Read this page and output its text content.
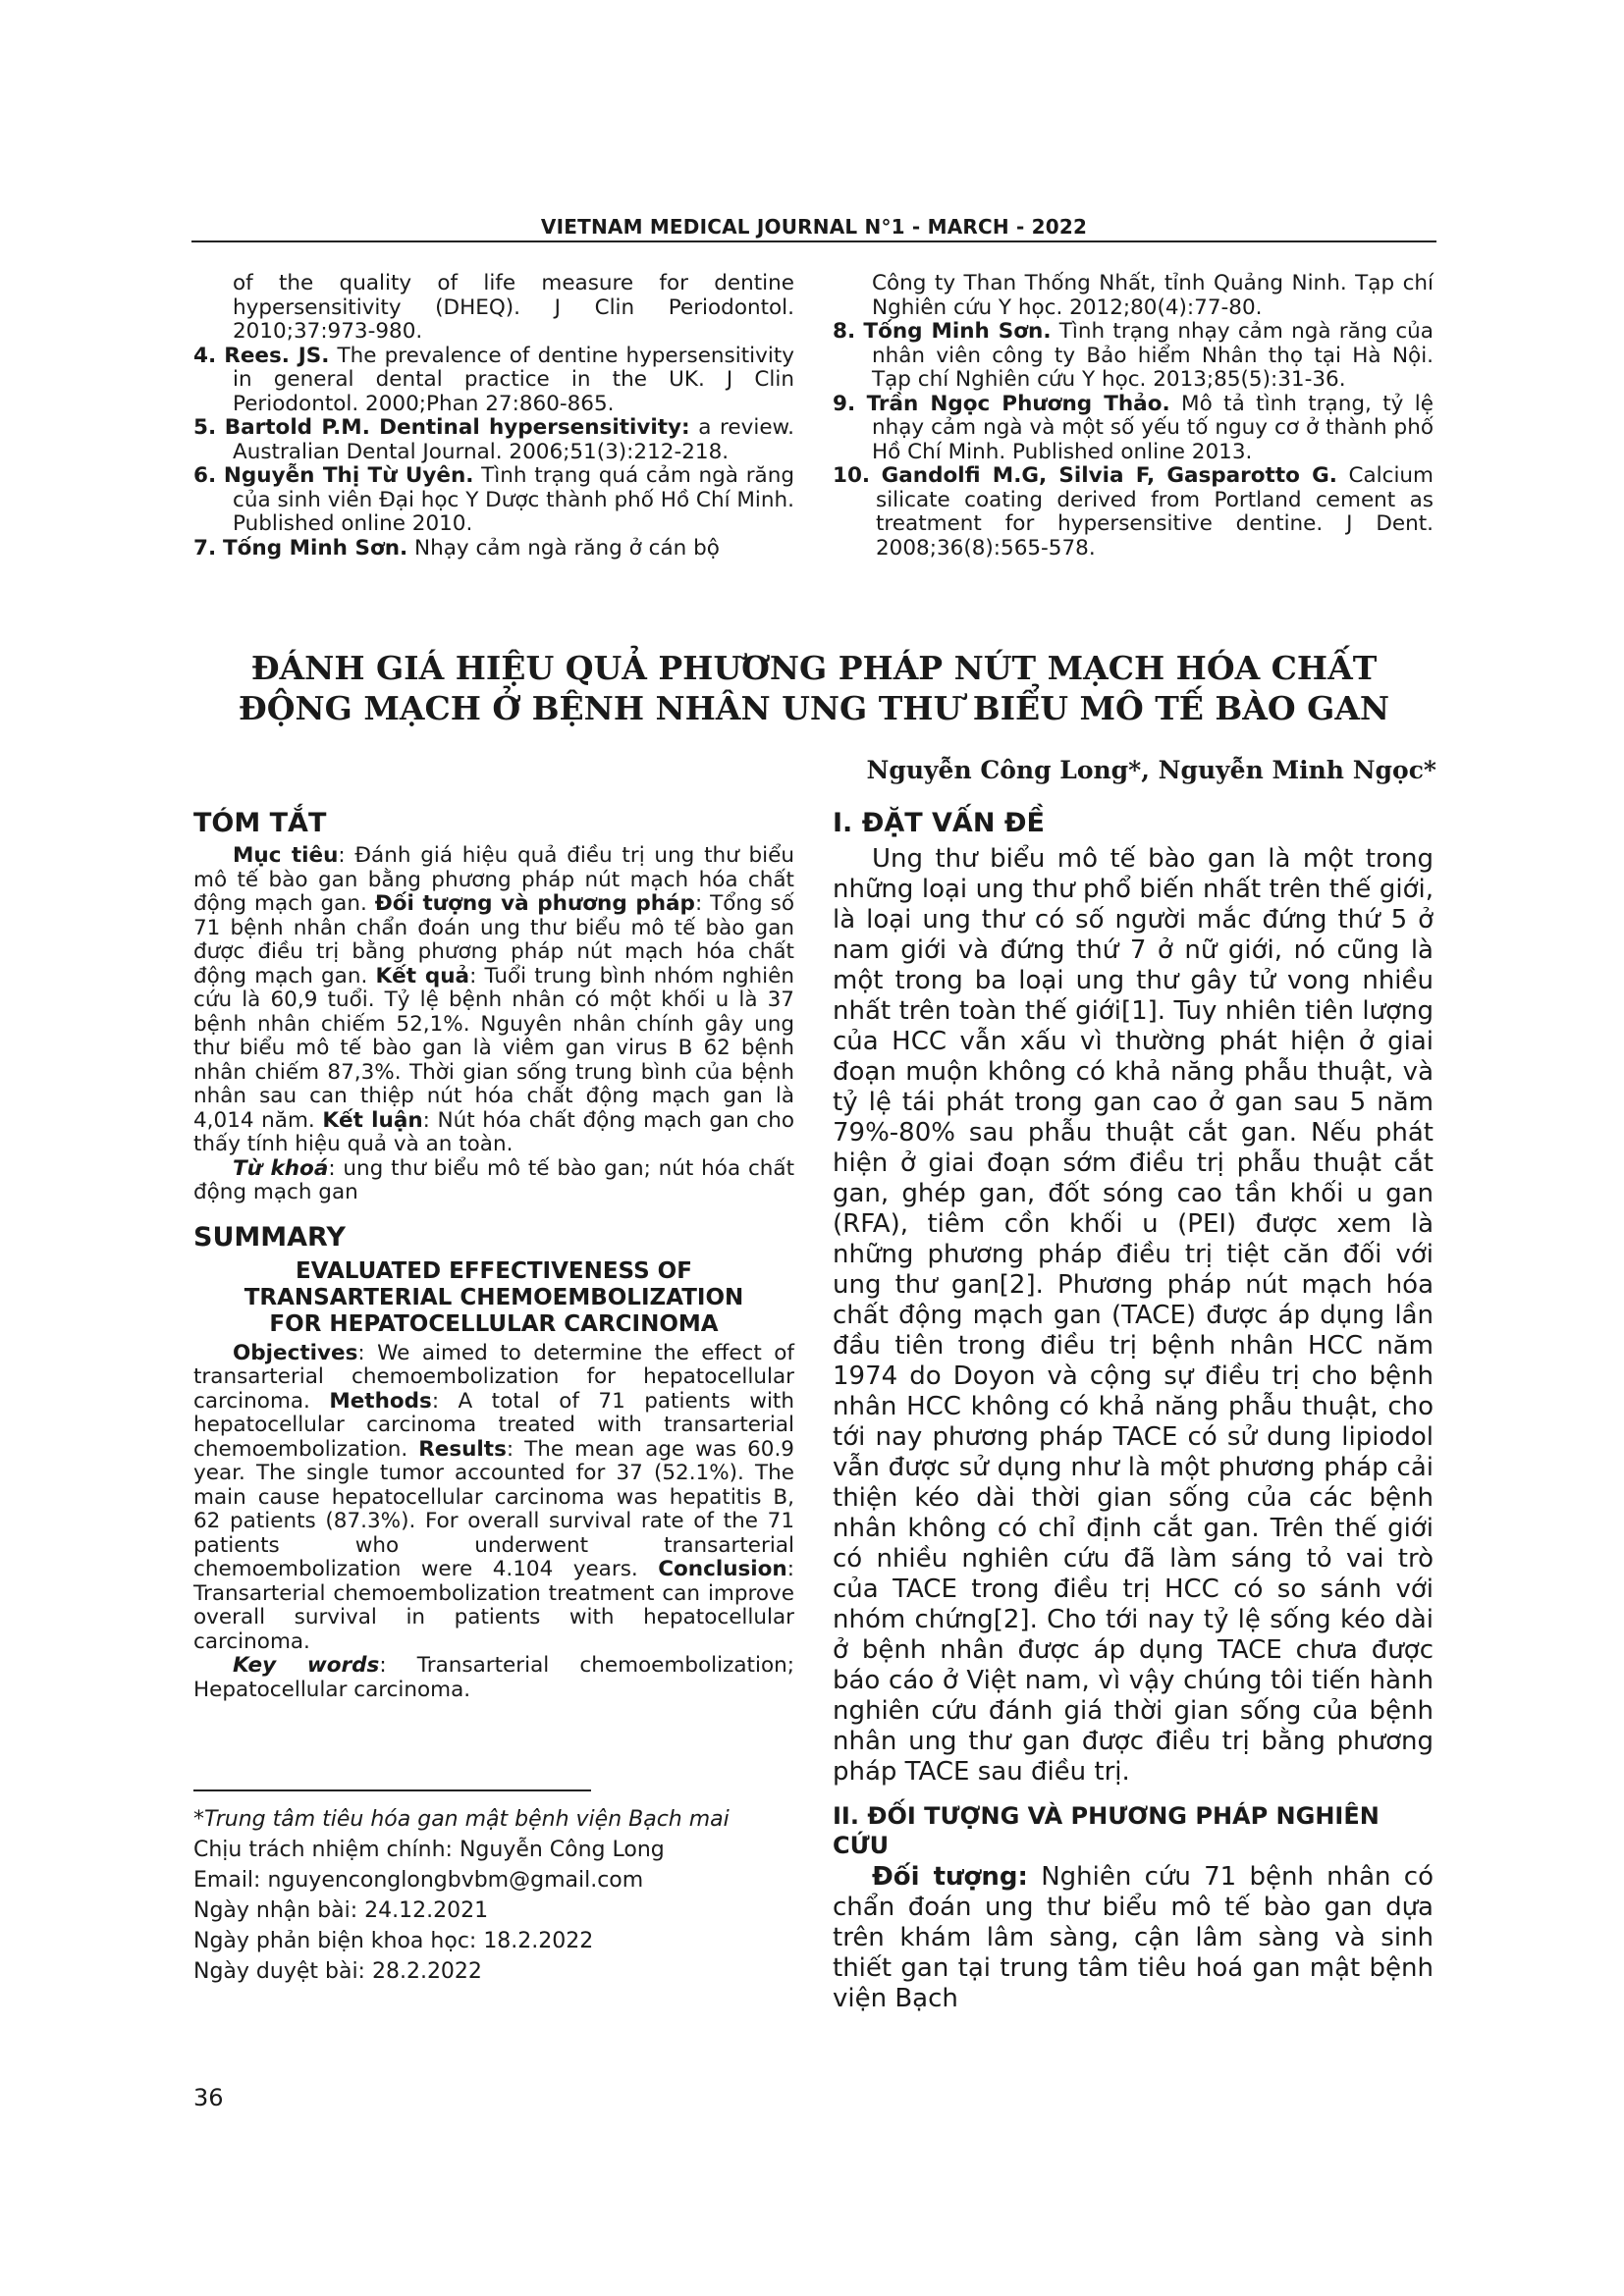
VIETNAM MEDICAL JOURNAL N°1 - MARCH - 2022

of the quality of life measure for dentine hypersensitivity (DHEQ). J Clin Periodontol. 2010;37:973-980.

4. Rees. JS. The prevalence of dentine hypersensitivity in general dental practice in the UK. J Clin Periodontol. 2000;Phan 27:860-865.

5. Bartold P.M. Dentinal hypersensitivity: a review. Australian Dental Journal. 2006;51(3):212-218.

6. Nguyễn Thị Từ Uyên. Tình trạng quá cảm ngà răng của sinh viên Đại học Y Dược thành phố Hồ Chí Minh. Published online 2010.

7. Tống Minh Sơn. Nhạy cảm ngà răng ở cán bộ

Công ty Than Thống Nhất, tỉnh Quảng Ninh. Tạp chí Nghiên cứu Y học. 2012;80(4):77-80.

8. Tống Minh Sơn. Tình trạng nhạy cảm ngà răng của nhân viên công ty Bảo hiểm Nhân thọ tại Hà Nội. Tạp chí Nghiên cứu Y học. 2013;85(5):31-36.

9. Trần Ngọc Phương Thảo. Mô tả tình trạng, tỷ lệ nhạy cảm ngà và một số yếu tố nguy cơ ở thành phố Hồ Chí Minh. Published online 2013.

10. Gandolfi M.G, Silvia F, Gasparotto G. Calcium silicate coating derived from Portland cement as treatment for hypersensitive dentine. J Dent. 2008;36(8):565-578.

ĐÁNH GIÁ HIỆU QUẢ PHƯƠNG PHÁP NÚT MẠCH HÓA CHẤT
ĐỘNG MẠCH Ở BỆNH NHÂN UNG THƯ BIỂU MÔ TẾ BÀO GAN
Nguyễn Công Long*, Nguyễn Minh Ngọc*
TÓM TẮT

Mục tiêu: Đánh giá hiệu quả điều trị ung thư biểu mô tế bào gan bằng phương pháp nút mạch hóa chất động mạch gan. Đối tượng và phương pháp: Tổng số 71 bệnh nhân chẩn đoán ung thư biểu mô tế bào gan được điều trị bằng phương pháp nút mạch hóa chất động mạch gan. Kết quả: Tuổi trung bình nhóm nghiên cứu là 60,9 tuổi. Tỷ lệ bệnh nhân có một khối u là 37 bệnh nhân chiếm 52,1%. Nguyên nhân chính gây ung thư biểu mô tế bào gan là viêm gan virus B 62 bệnh nhân chiếm 87,3%. Thời gian sống trung bình của bệnh nhân sau can thiệp nút hóa chất động mạch gan là 4,014 năm. Kết luận: Nút hóa chất động mạch gan cho thấy tính hiệu quả và an toàn.

Từ khoá: ung thư biểu mô tế bào gan; nút hóa chất động mạch gan

SUMMARY
EVALUATED EFFECTIVENESS OF
TRANSARTERIAL CHEMOEMBOLIZATION
FOR HEPATOCELLULAR CARCINOMA

Objectives: We aimed to determine the effect of transarterial chemoembolization for hepatocellular carcinoma. Methods: A total of 71 patients with hepatocellular carcinoma treated with transarterial chemoembolization. Results: The mean age was 60.9 year. The single tumor accounted for 37 (52.1%). The main cause hepatocellular carcinoma was hepatitis B, 62 patients (87.3%). For overall survival rate of the 71 patients who underwent transarterial chemoembolization were 4.104 years. Conclusion: Transarterial chemoembolization treatment can improve overall survival in patients with hepatocellular carcinoma.

Key words: Transarterial chemoembolization; Hepatocellular carcinoma.

*Trung tâm tiêu hóa gan mật bệnh viện Bạch mai
Chịu trách nhiệm chính: Nguyễn Công Long
Email: nguyenconglongbvbm@gmail.com
Ngày nhận bài: 24.12.2021
Ngày phản biện khoa học: 18.2.2022
Ngày duyệt bài: 28.2.2022
I. ĐẶT VẤN ĐỀ

Ung thư biểu mô tế bào gan là một trong những loại ung thư phổ biến nhất trên thế giới, là loại ung thư có số người mắc đứng thứ 5 ở nam giới và đứng thứ 7 ở nữ giới, nó cũng là một trong ba loại ung thư gây tử vong nhiều nhất trên toàn thế giới[1]. Tuy nhiên tiên lượng của HCC vẫn xấu vì thường phát hiện ở giai đoạn muộn không có khả năng phẫu thuật, và tỷ lệ tái phát trong gan cao ở gan sau 5 năm 79%-80% sau phẫu thuật cắt gan. Nếu phát hiện ở giai đoạn sớm điều trị phẫu thuật cắt gan, ghép gan, đốt sóng cao tần khối u gan (RFA), tiêm cồn khối u (PEI) được xem là những phương pháp điều trị tiệt căn đối với ung thư gan[2]. Phương pháp nút mạch hóa chất động mạch gan (TACE) được áp dụng lần đầu tiên trong điều trị bệnh nhân HCC năm 1974 do Doyon và cộng sự điều trị cho bệnh nhân HCC không có khả năng phẫu thuật, cho tới nay phương pháp TACE có sử dung lipiodol vẫn được sử dụng như là một phương pháp cải thiện kéo dài thời gian sống của các bệnh nhân không có chỉ định cắt gan. Trên thế giới có nhiều nghiên cứu đã làm sáng tỏ vai trò của TACE trong điều trị HCC có so sánh với nhóm chứng[2]. Cho tới nay tỷ lệ sống kéo dài ở bệnh nhân được áp dụng TACE chưa được báo cáo ở Việt nam, vì vậy chúng tôi tiến hành nghiên cứu đánh giá thời gian sống của bệnh nhân ung thư gan được điều trị bằng phương pháp TACE sau điều trị.

II. ĐỐI TƯỢNG VÀ PHƯƠNG PHÁP NGHIÊN CỨU

Đối tượng: Nghiên cứu 71 bệnh nhân có chẩn đoán ung thư biểu mô tế bào gan dựa trên khám lâm sàng, cận lâm sàng và sinh thiết gan tại trung tâm tiêu hoá gan mật bệnh viện Bạch

36
